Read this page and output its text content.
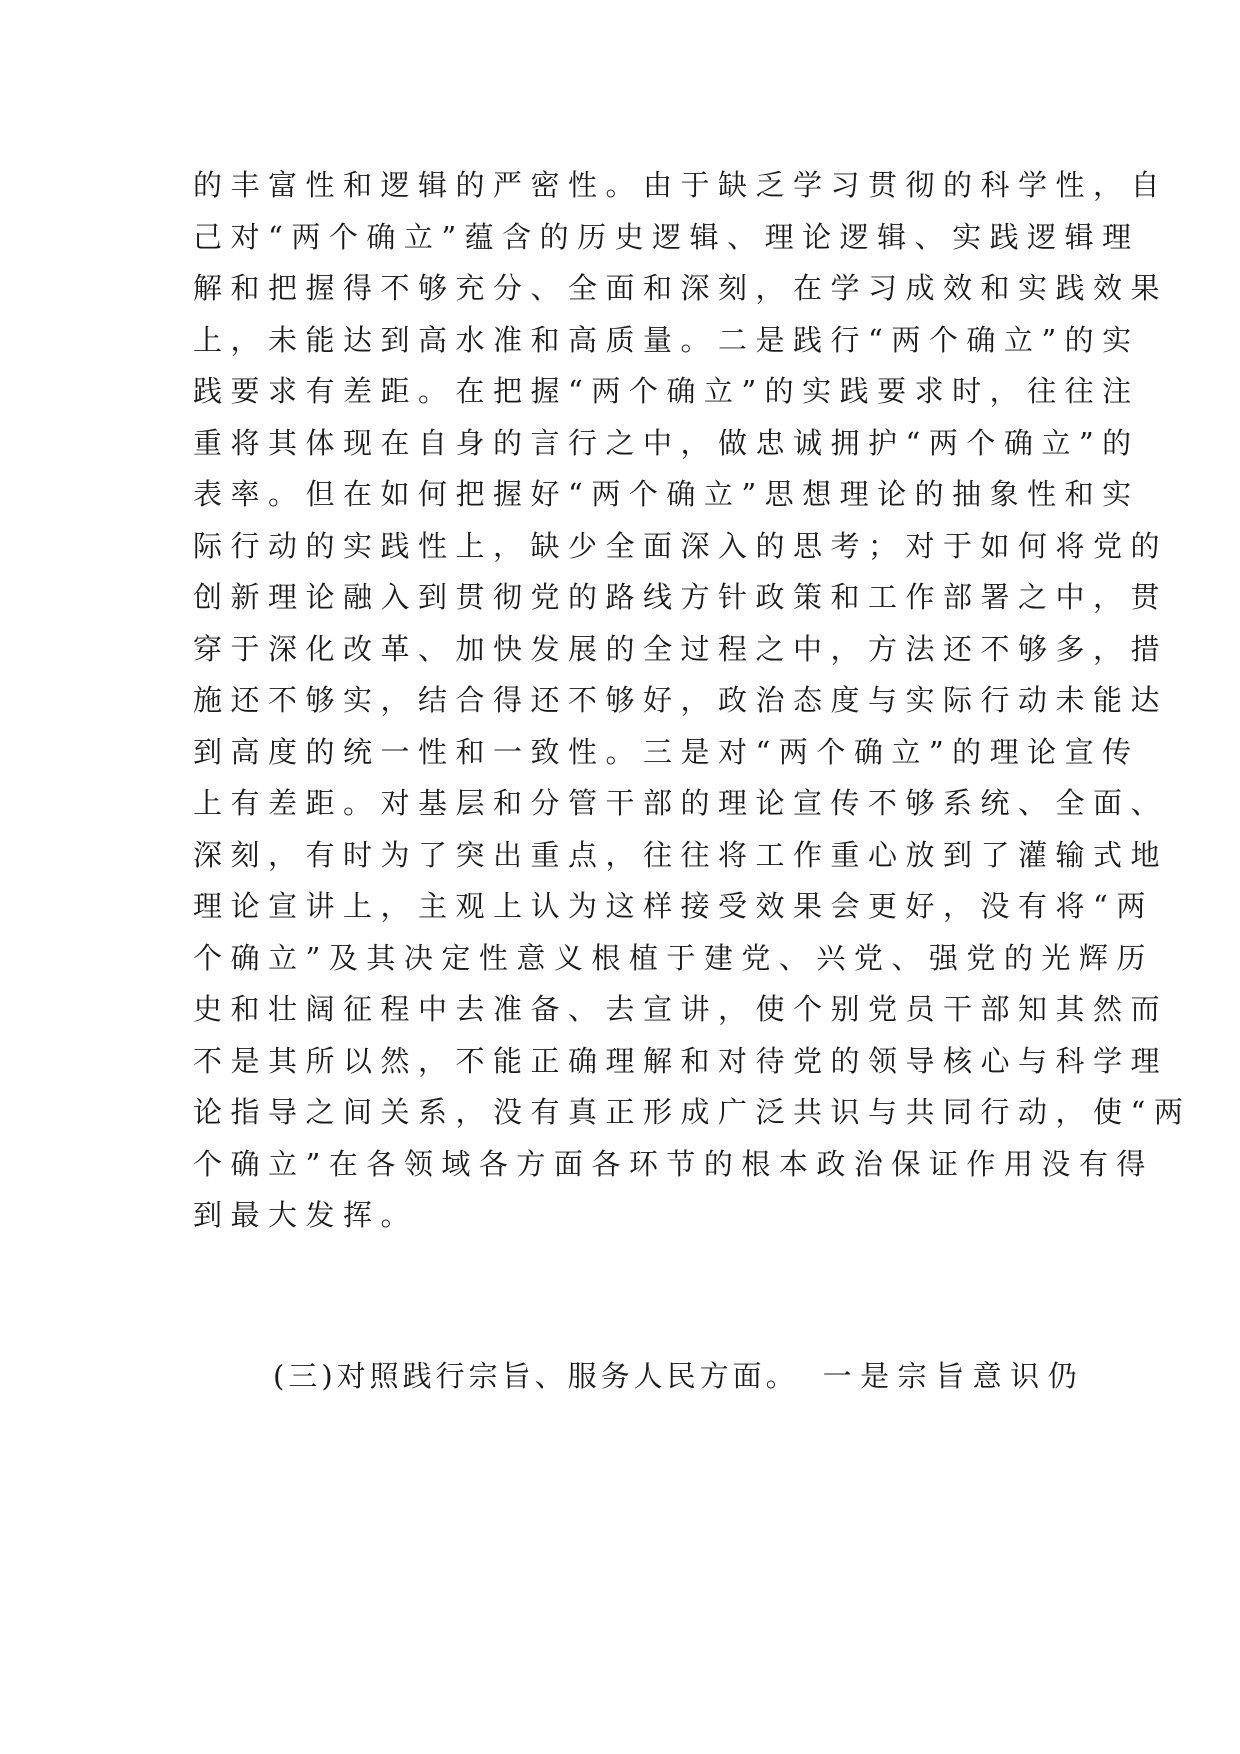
的丰富性和逻辑的严密性。由于缺乏学习贯彻的科学性，自
己对“两个确立”蕴含的历史逻辑、理论逻辑、实践逻辑理
解和把握得不够充分、全面和深刻，在学习成效和实践效果
上，未能达到高水准和高质量。二是践行“两个确立”的实
践要求有差距。在把握“两个确立”的实践要求时，往往注
重将其体现在自身的言行之中，做忠诚拥护“两个确立”的
表率。但在如何把握好“两个确立”思想理论的抽象性和实
际行动的实践性上，缺少全面深入的思考；对于如何将党的
创新理论融入到贯彻党的路线方针政策和工作部署之中，贯
穿于深化改革、加快发展的全过程之中，方法还不够多，措
施还不够实，结合得还不够好，政治态度与实际行动未能达
到高度的统一性和一致性。三是对“两个确立”的理论宣传
上有差距。对基层和分管干部的理论宣传不够系统、全面、
深刻，有时为了突出重点，往往将工作重心放到了灌输式地
理论宣讲上，主观上认为这样接受效果会更好，没有将“两
个确立”及其决定性意义根植于建党、兴党、强党的光辉历
史和壮阔征程中去准备、去宣讲，使个别党员干部知其然而
不是其所以然，不能正确理解和对待党的领导核心与科学理
论指导之间关系，没有真正形成广泛共识与共同行动，使“两
个确立”在各领域各方面各环节的根本政治保证作用没有得
到最大发挥。
(三)对照践行宗旨、服务人民方面。 一是宗旨意识仍
